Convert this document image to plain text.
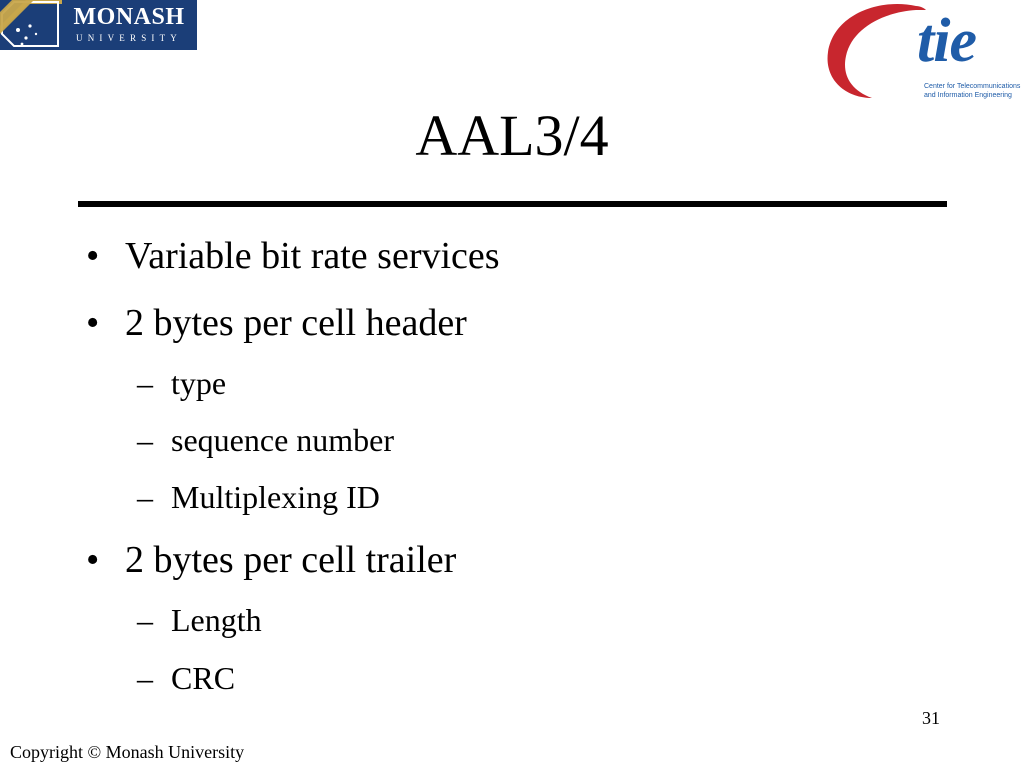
MONASH
UNIVERSITY	tie
Center for Telecommunications
and Information Engineering
AAL3/4
• Variable bit rate services
• 2 bytes per cell header
– type
– sequence number
– Multiplexing ID
• 2 bytes per cell trailer
– Length
– CRC
31
Copyright © Monash University
